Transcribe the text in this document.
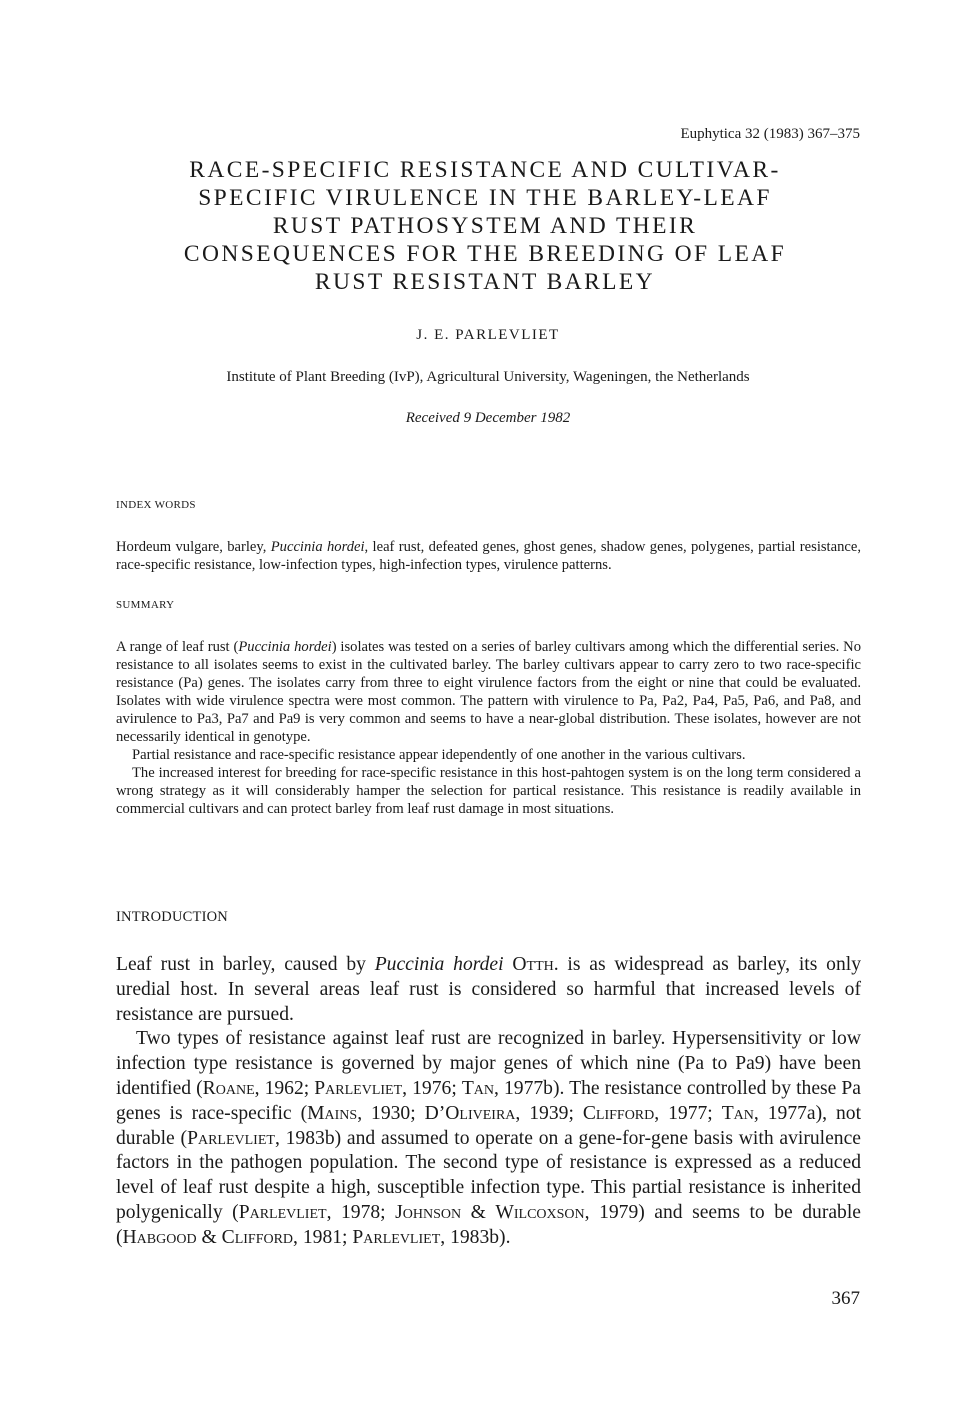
Euphytica 32 (1983) 367–375
RACE-SPECIFIC RESISTANCE AND CULTIVAR-
SPECIFIC VIRULENCE IN THE BARLEY-LEAF
RUST PATHOSYSTEM AND THEIR
CONSEQUENCES FOR THE BREEDING OF LEAF
RUST RESISTANT BARLEY
J. E. PARLEVLIET
Institute of Plant Breeding (IvP), Agricultural University, Wageningen, the Netherlands
Received 9 December 1982
INDEX WORDS

Hordeum vulgare, barley, Puccinia hordei, leaf rust, defeated genes, ghost genes, shadow genes, polygenes, partial resistance, race-specific resistance, low-infection types, high-infection types, virulence patterns.

SUMMARY

A range of leaf rust (Puccinia hordei) isolates was tested on a series of barley cultivars among which the differential series. No resistance to all isolates seems to exist in the cultivated barley. The barley cultivars appear to carry zero to two race-specific resistance (Pa) genes. The isolates carry from three to eight virulence factors from the eight or nine that could be evaluated. Isolates with wide virulence spectra were most common. The pattern with virulence to Pa, Pa2, Pa4, Pa5, Pa6, and Pa8, and avirulence to Pa3, Pa7 and Pa9 is very common and seems to have a near-global distribution. These isolates, however are not necessarily identical in genotype.

Partial resistance and race-specific resistance appear idependently of one another in the various cultivars.

The increased interest for breeding for race-specific resistance in this host-pahtogen system is on the long term considered a wrong strategy as it will considerably hamper the selection for partical resistance. This resistance is readily available in commercial cultivars and can protect barley from leaf rust damage in most situations.

INTRODUCTION

Leaf rust in barley, caused by Puccinia hordei Otth. is as widespread as barley, its only uredial host. In several areas leaf rust is considered so harmful that increased levels of resistance are pursued.

Two types of resistance against leaf rust are recognized in barley. Hypersensitivity or low infection type resistance is governed by major genes of which nine (Pa to Pa9) have been identified (Roane, 1962; Parlevliet, 1976; Tan, 1977b). The resistance controlled by these Pa genes is race-specific (Mains, 1930; D’Oliveira, 1939; Clifford, 1977; Tan, 1977a), not durable (Parlevliet, 1983b) and assumed to operate on a gene-for-gene basis with avirulence factors in the pathogen population. The second type of resistance is expressed as a reduced level of leaf rust despite a high, susceptible infection type. This partial resistance is inherited polygenically (Parlevliet, 1978; Johnson & Wilcoxson, 1979) and seems to be durable (Habgood & Clifford, 1981; Parlevliet, 1983b).

367
